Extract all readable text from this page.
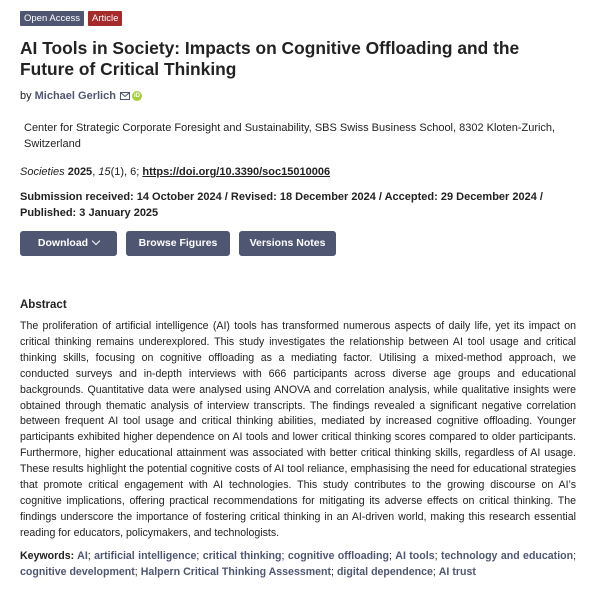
Open Access	Article
AI Tools in Society: Impacts on Cognitive Offloading and the Future of Critical Thinking
by Michael Gerlich	iD
Center for Strategic Corporate Foresight and Sustainability, SBS Swiss Business School, 8302 Kloten-Zurich, Switzerland
Societies 2025, 15(1), 6; https://doi.org/10.3390/soc15010006
Submission received: 14 October 2024 / Revised: 18 December 2024 / Accepted: 29 December 2024 / Published: 3 January 2025
Download	Browse Figures	Versions Notes
Abstract
The proliferation of artificial intelligence (AI) tools has transformed numerous aspects of daily life, yet its impact on critical thinking remains underexplored. This study investigates the relationship between AI tool usage and critical thinking skills, focusing on cognitive offloading as a mediating factor. Utilising a mixed-method approach, we conducted surveys and in-depth interviews with 666 participants across diverse age groups and educational backgrounds. Quantitative data were analysed using ANOVA and correlation analysis, while qualitative insights were obtained through thematic analysis of interview transcripts. The findings revealed a significant negative correlation between frequent AI tool usage and critical thinking abilities, mediated by increased cognitive offloading. Younger participants exhibited higher dependence on AI tools and lower critical thinking scores compared to older participants. Furthermore, higher educational attainment was associated with better critical thinking skills, regardless of AI usage. These results highlight the potential cognitive costs of AI tool reliance, emphasising the need for educational strategies that promote critical engagement with AI technologies. This study contributes to the growing discourse on AI’s cognitive implications, offering practical recommendations for mitigating its adverse effects on critical thinking. The findings underscore the importance of fostering critical thinking in an AI-driven world, making this research essential reading for educators, policymakers, and technologists.
Keywords: AI; artificial intelligence; critical thinking; cognitive offloading; AI tools; technology and education; cognitive development; Halpern Critical Thinking Assessment; digital dependence; AI trust
